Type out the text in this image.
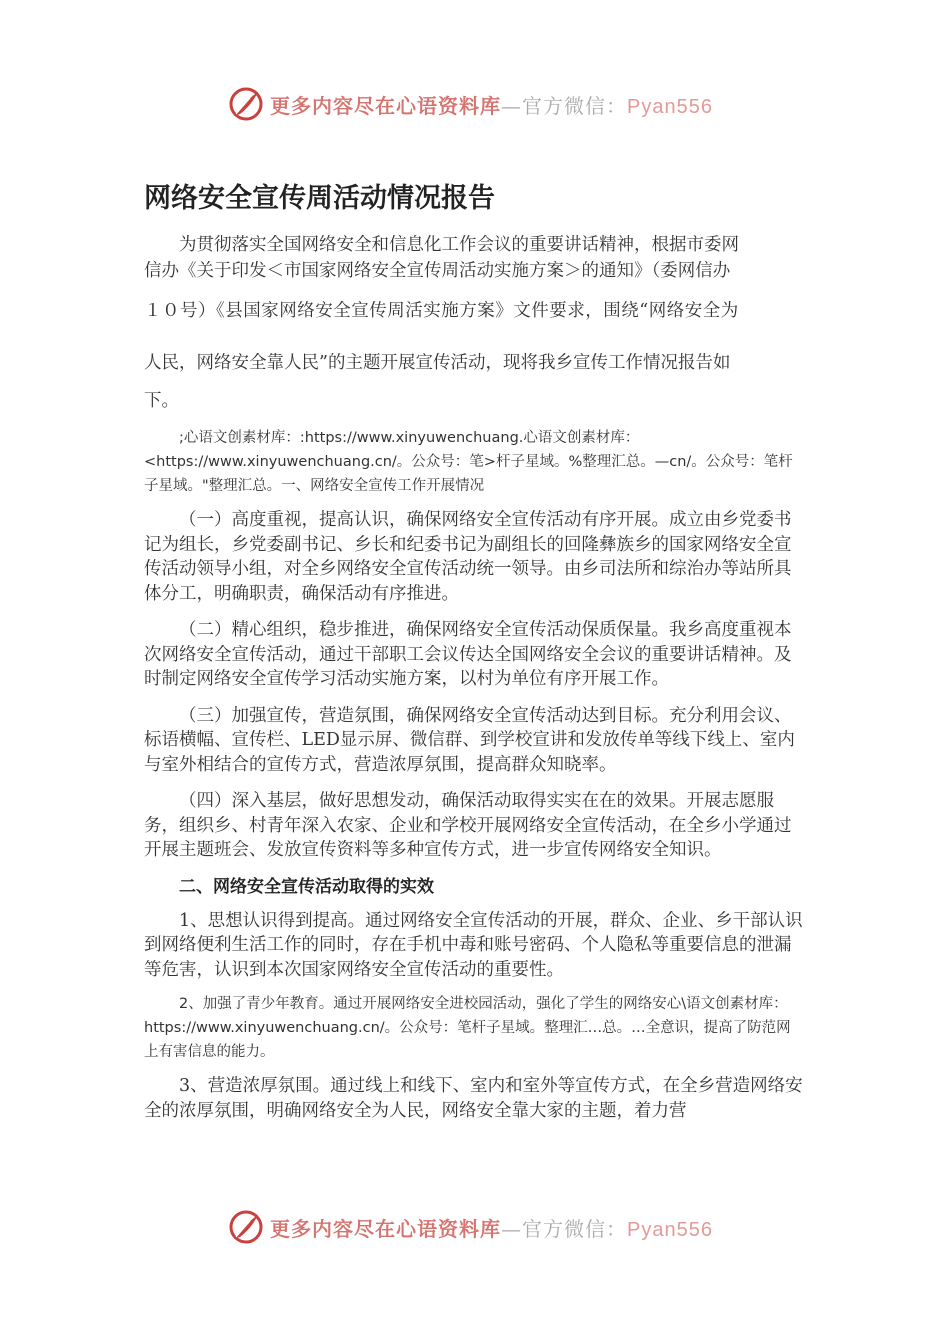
更多内容尽在心语资料库—官方微信：Pyan556
网络安全宣传周活动情况报告

为贯彻落实全国网络安全和信息化工作会议的重要讲话精神，根据市委网
信办《关于印发＜市国家网络安全宣传周活动实施方案＞的通知》（委网信办
１０号）《县国家网络安全宣传周活实施方案》文件要求，围绕“网络安全为
人民，网络安全靠人民”的主题开展宣传活动，现将我乡宣传工作情况报告如
下。

;心语文创素材库：:https://www.xinyuwenchuang.心语文创素材库：<https://www.xinyuwenchuang.cn/。公众号：笔>杆子星域。%整理汇总。—cn/。公众号：笔杆子星域。"整理汇总。一、网络安全宣传工作开展情况

（一）高度重视，提高认识，确保网络安全宣传活动有序开展。成立由乡党委书记为组长，乡党委副书记、乡长和纪委书记为副组长的回隆彝族乡的国家网络安全宣传活动领导小组，对全乡网络安全宣传活动统一领导。由乡司法所和综治办等站所具体分工，明确职责，确保活动有序推进。

（二）精心组织，稳步推进，确保网络安全宣传活动保质保量。我乡高度重视本次网络安全宣传活动，通过干部职工会议传达全国网络安全会议的重要讲话精神。及时制定网络安全宣传学习活动实施方案，以村为单位有序开展工作。

（三）加强宣传，营造氛围，确保网络安全宣传活动达到目标。充分利用会议、标语横幅、宣传栏、LED显示屏、微信群、到学校宣讲和发放传单等线下线上、室内与室外相结合的宣传方式，营造浓厚氛围，提高群众知晓率。

（四）深入基层，做好思想发动，确保活动取得实实在在的效果。开展志愿服务，组织乡、村青年深入农家、企业和学校开展网络安全宣传活动，在全乡小学通过开展主题班会、发放宣传资料等多种宣传方式，进一步宣传网络安全知识。

二、网络安全宣传活动取得的实效

1、思想认识得到提高。通过网络安全宣传活动的开展，群众、企业、乡干部认识到网络便利生活工作的同时，存在手机中毒和账号密码、个人隐私等重要信息的泄漏等危害，认识到本次国家网络安全宣传活动的重要性。

2、加强了青少年教育。通过开展网络安全进校园活动，强化了学生的网络安心\语文创素材库：https://www.xinyuwenchuang.cn/。公众号：笔杆子星域。整理汇…总。…全意识，提高了防范网上有害信息的能力。

3、营造浓厚氛围。通过线上和线下、室内和室外等宣传方式，在全乡营造网络安全的浓厚氛围，明确网络安全为人民，网络安全靠大家的主题，着力营

更多内容尽在心语资料库—官方微信：Pyan556
